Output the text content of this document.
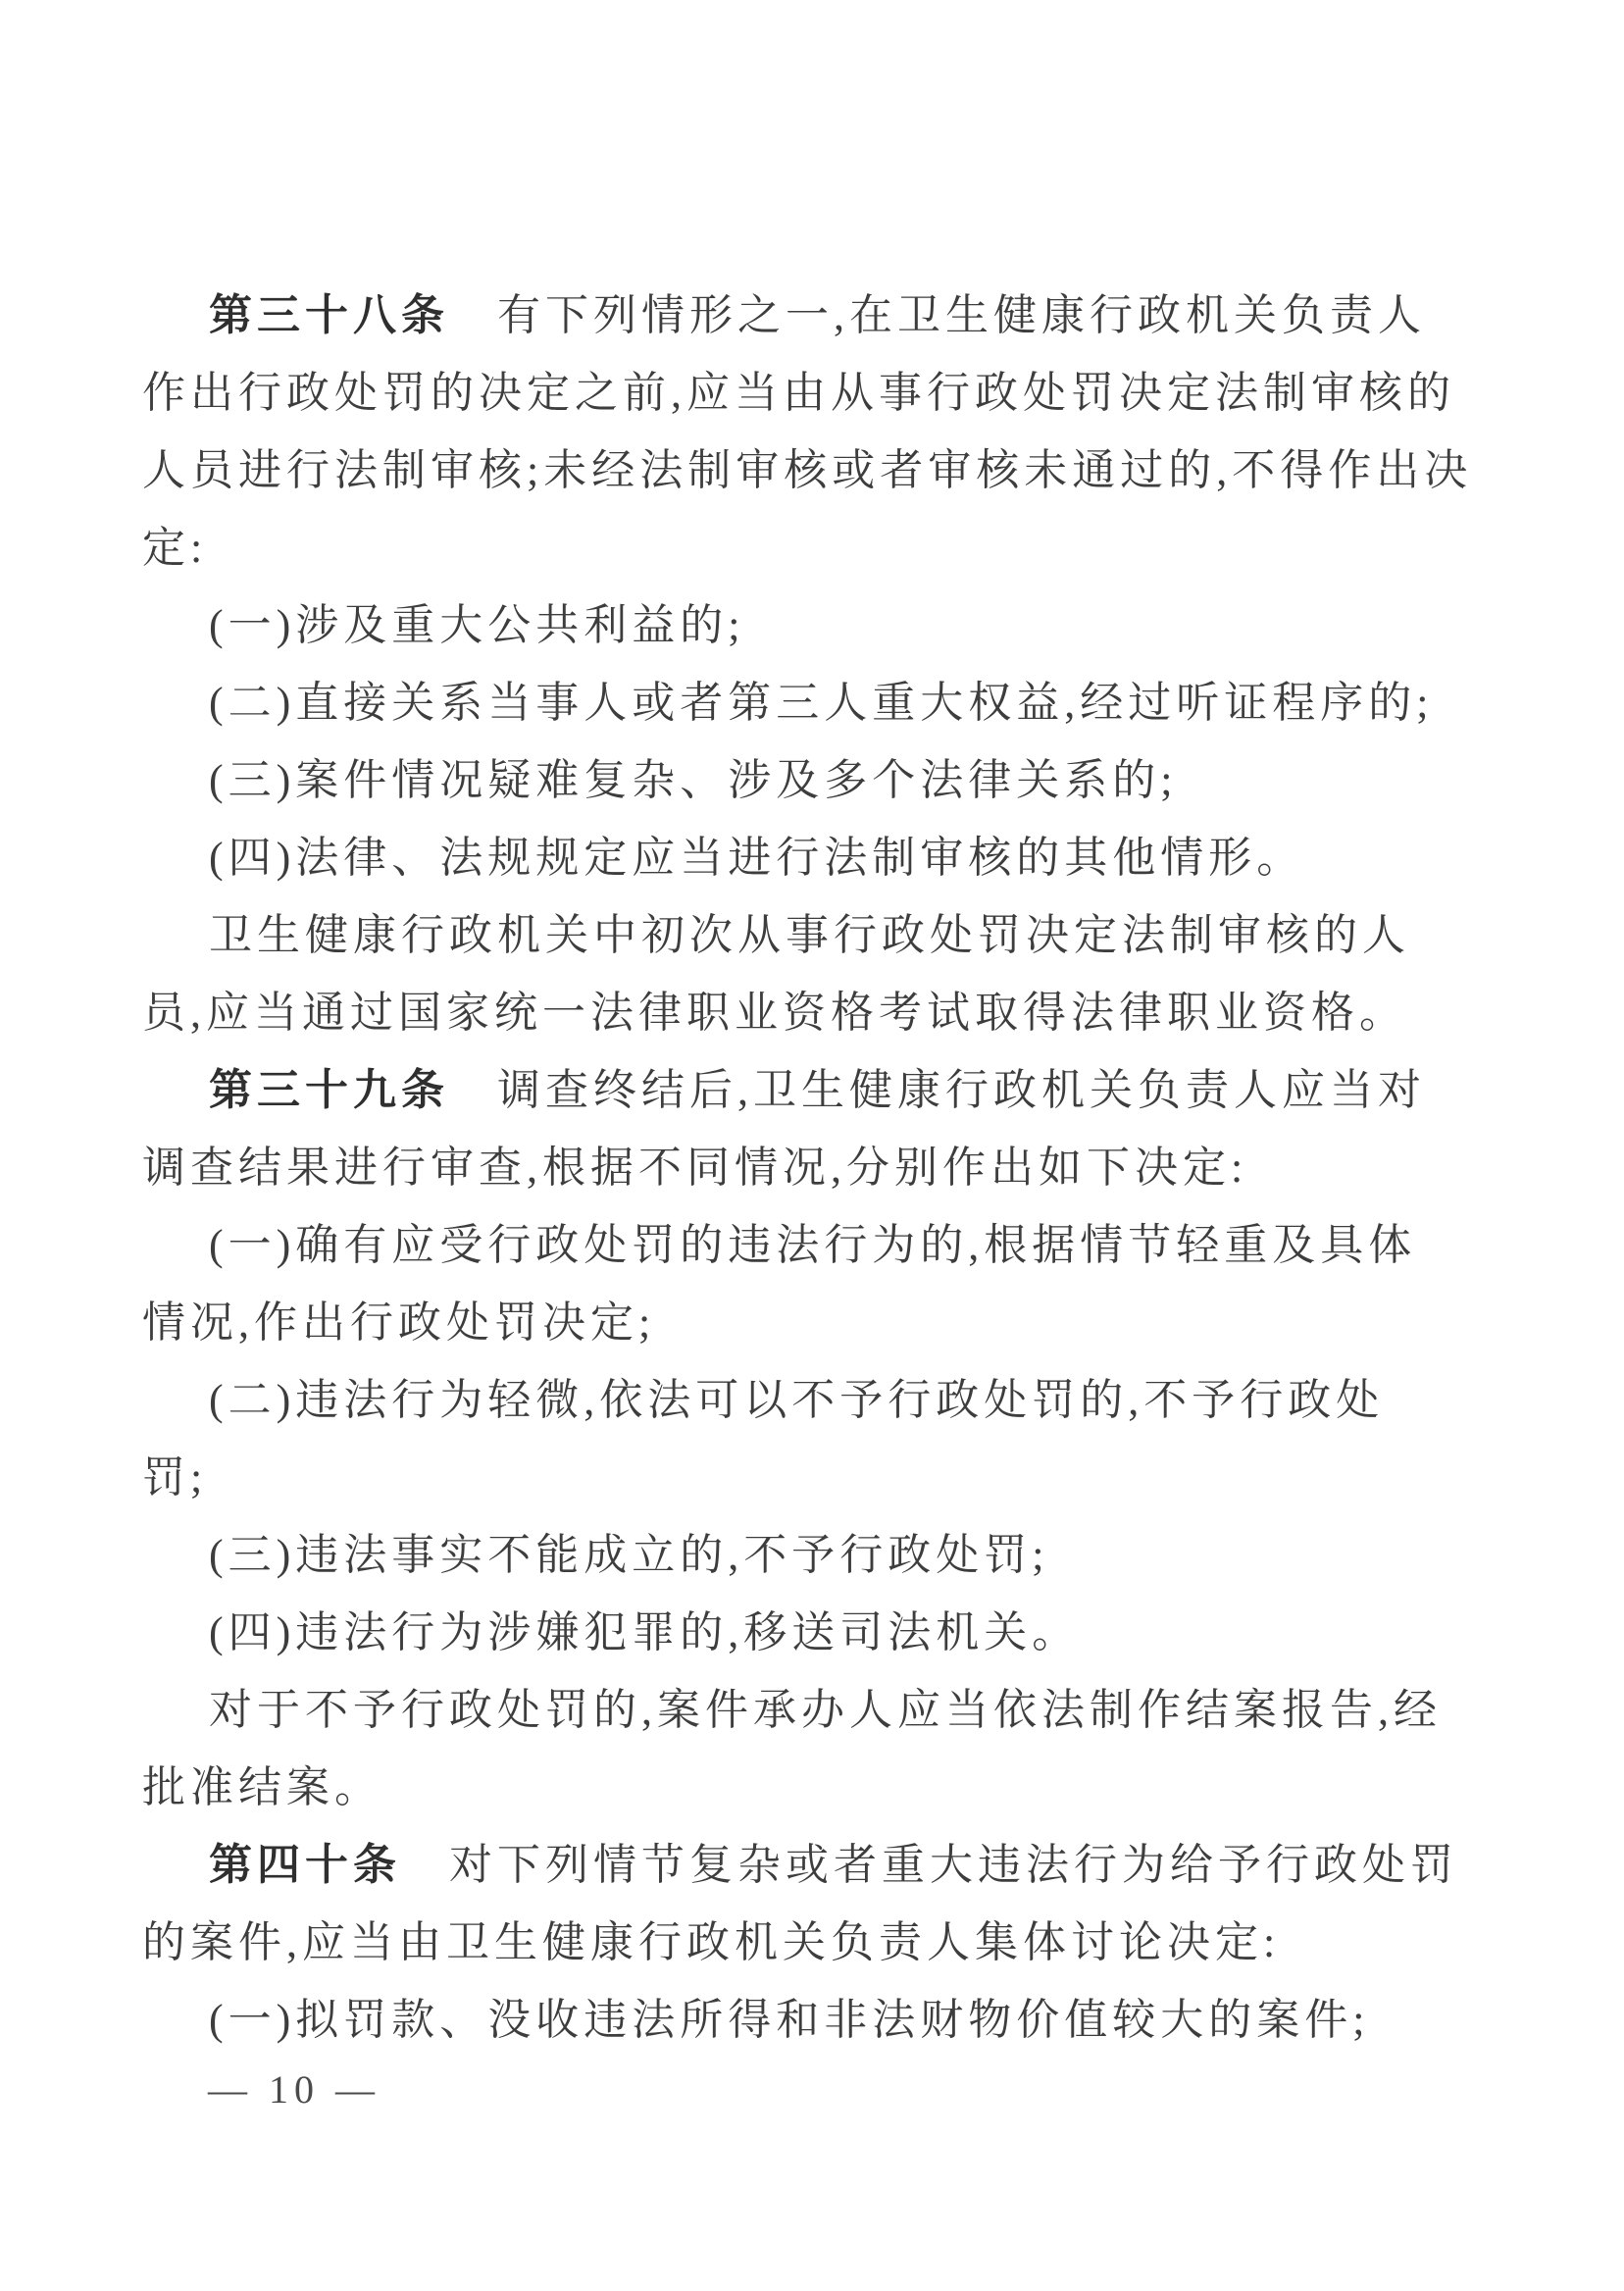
第三十八条　有下列情形之一,在卫生健康行政机关负责人
作出行政处罚的决定之前,应当由从事行政处罚决定法制审核的
人员进行法制审核;未经法制审核或者审核未通过的,不得作出决
定:
(一)涉及重大公共利益的;
(二)直接关系当事人或者第三人重大权益,经过听证程序的;
(三)案件情况疑难复杂、涉及多个法律关系的;
(四)法律、法规规定应当进行法制审核的其他情形。
卫生健康行政机关中初次从事行政处罚决定法制审核的人
员,应当通过国家统一法律职业资格考试取得法律职业资格。
第三十九条　调查终结后,卫生健康行政机关负责人应当对
调查结果进行审查,根据不同情况,分别作出如下决定:
(一)确有应受行政处罚的违法行为的,根据情节轻重及具体
情况,作出行政处罚决定;
(二)违法行为轻微,依法可以不予行政处罚的,不予行政处
罚;
(三)违法事实不能成立的,不予行政处罚;
(四)违法行为涉嫌犯罪的,移送司法机关。
对于不予行政处罚的,案件承办人应当依法制作结案报告,经
批准结案。
第四十条　对下列情节复杂或者重大违法行为给予行政处罚
的案件,应当由卫生健康行政机关负责人集体讨论决定:
(一)拟罚款、没收违法所得和非法财物价值较大的案件;
— 10 —
